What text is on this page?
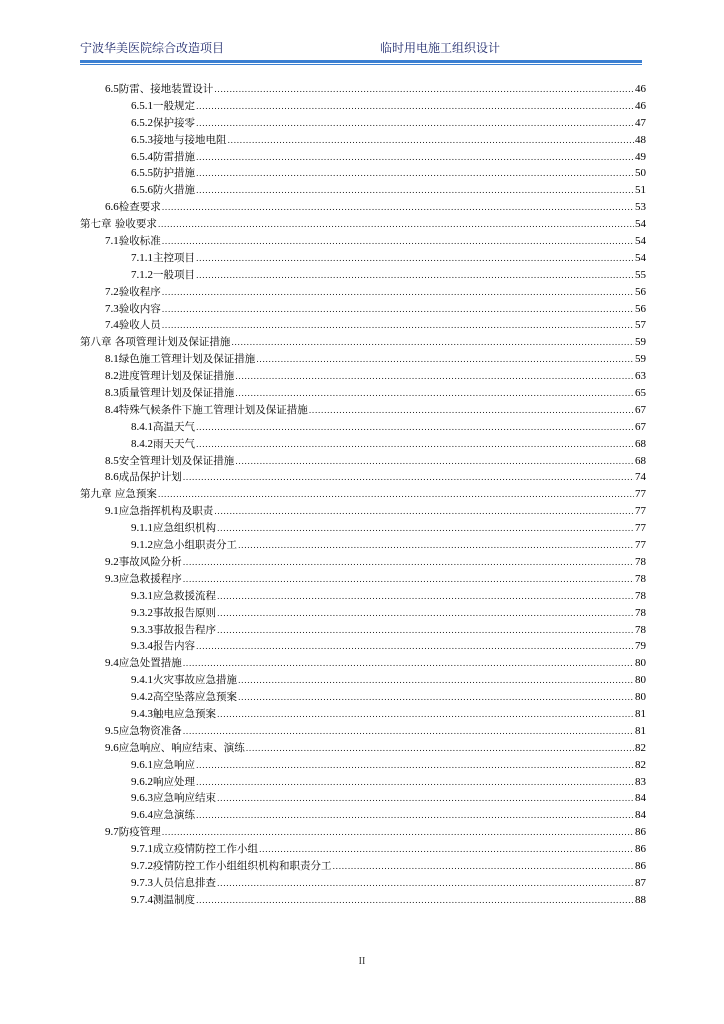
宁波华美医院综合改造项目	临时用电施工组织设计
6.5 防雷、接地装置设计 .....	46
6.5.1 一般规定 .....	46
6.5.2 保护接零 .....	47
6.5.3 接地与接地电阻 .....	48
6.5.4 防雷措施 .....	49
6.5.5 防护措施 .....	50
6.5.6 防火措施 .....	51
6.6 检查要求 .....	53
第七章 验收要求 .....	54
7.1 验收标准 .....	54
7.1.1 主控项目 .....	54
7.1.2 一般项目 .....	55
7.2 验收程序 .....	56
7.3 验收内容 .....	56
7.4 验收人员 .....	57
第八章 各项管理计划及保证措施 .....	59
8.1 绿色施工管理计划及保证措施 .....	59
8.2 进度管理计划及保证措施 .....	63
8.3 质量管理计划及保证措施 .....	65
8.4 特殊气候条件下施工管理计划及保证措施 .....	67
8.4.1 高温天气 .....	67
8.4.2 雨天天气 .....	68
8.5 安全管理计划及保证措施 .....	68
8.6 成品保护计划 .....	74
第九章 应急预案 .....	77
9.1 应急指挥机构及职责 .....	77
9.1.1 应急组织机构 .....	77
9.1.2 应急小组职责分工 .....	77
9.2 事故风险分析 .....	78
9.3 应急救援程序 .....	78
9.3.1 应急救援流程 .....	78
9.3.2 事故报告原则 .....	78
9.3.3 事故报告程序 .....	78
9.3.4 报告内容 .....	79
9.4 应急处置措施 .....	80
9.4.1 火灾事故应急措施 .....	80
9.4.2 高空坠落应急预案 .....	80
9.4.3 触电应急预案 .....	81
9.5 应急物资准备 .....	81
9.6 应急响应、响应结束、演练 .....	82
9.6.1 应急响应 .....	82
9.6.2 响应处理 .....	83
9.6.3 应急响应结束 .....	84
9.6.4 应急演练 .....	84
9.7 防疫管理 .....	86
9.7.1 成立疫情防控工作小组 .....	86
9.7.2 疫情防控工作小组组织机构和职责分工 .....	86
9.7.3 人员信息排查 .....	87
9.7.4 测温制度 .....	88
II
